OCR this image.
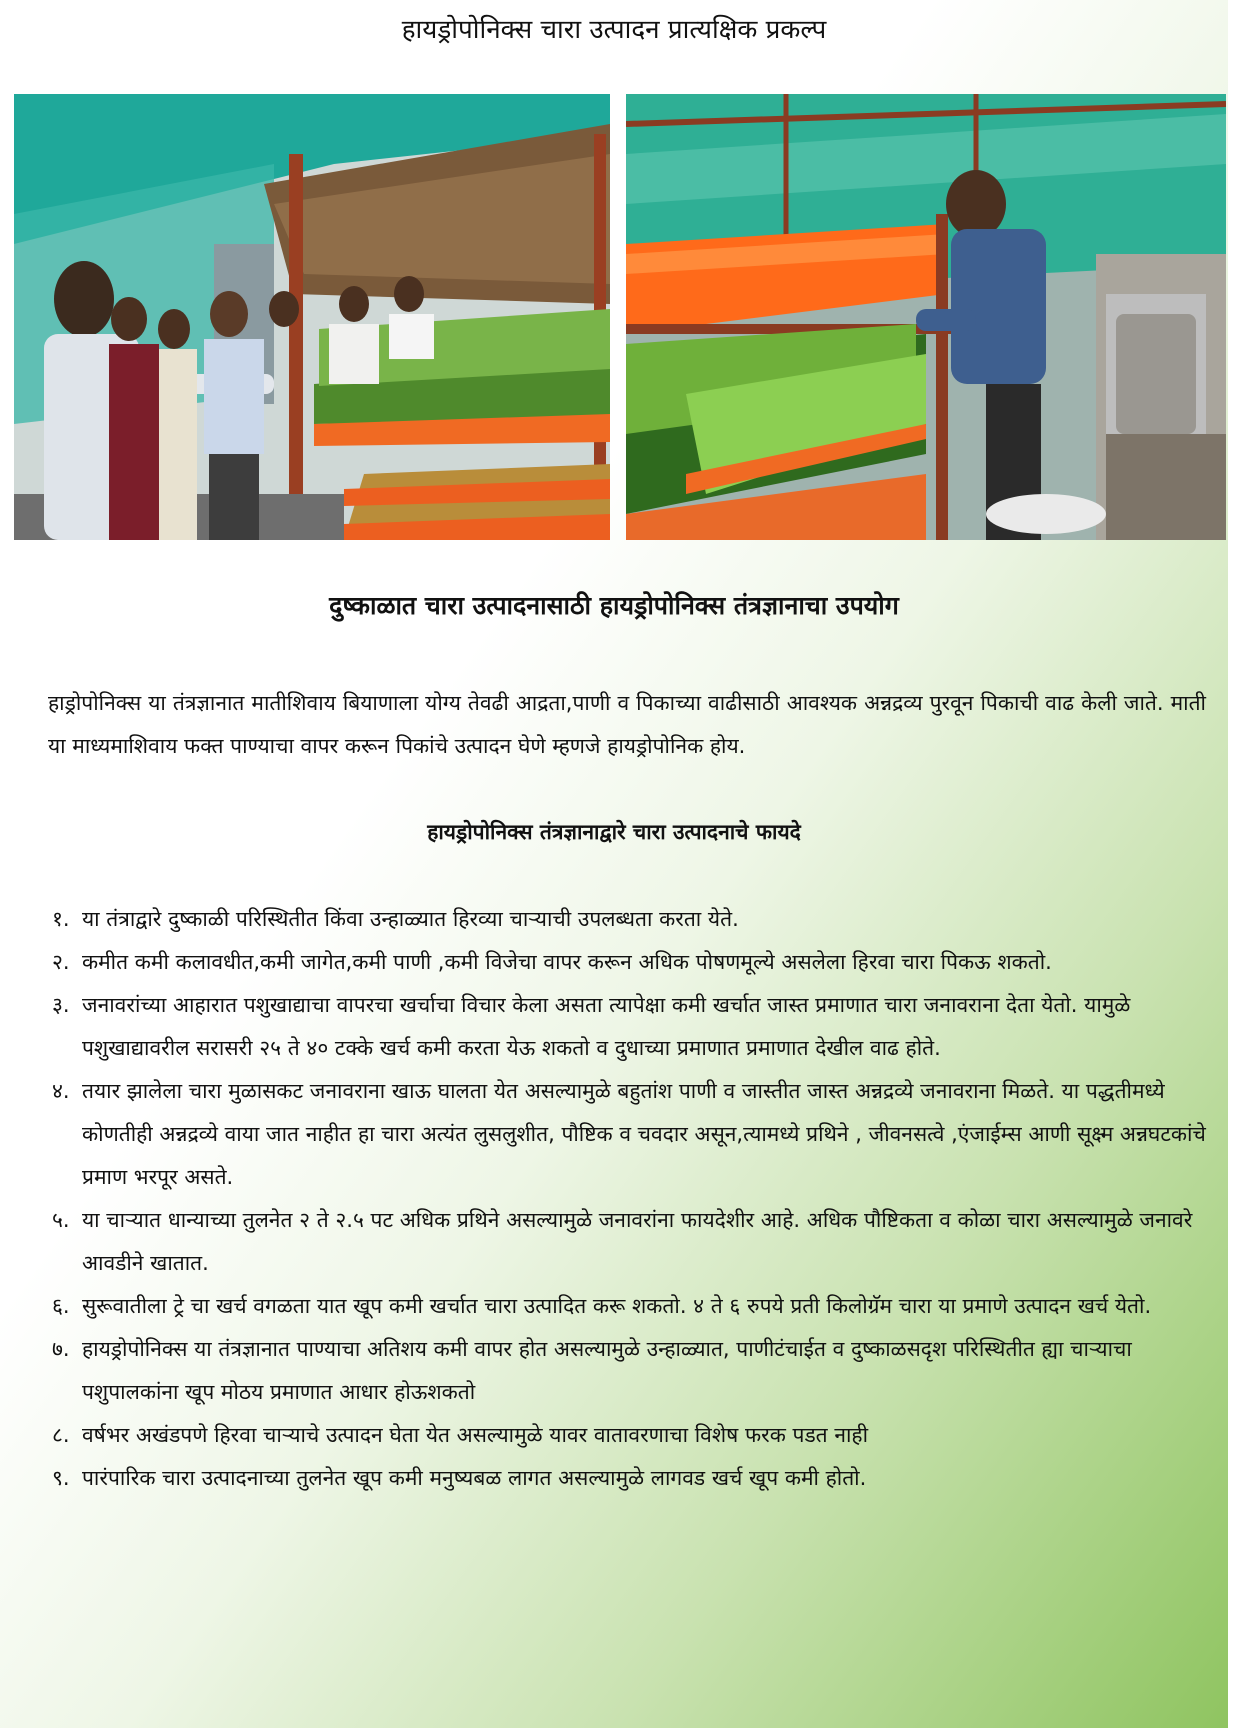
हायड्रोपोनिक्स चारा उत्पादन प्रात्यक्षिक प्रकल्प
दुष्काळात चारा उत्पादनासाठी हायड्रोपोनिक्स तंत्रज्ञानाचा उपयोग

हाड्रोपोनिक्स या तंत्रज्ञानात मातीशिवाय बियाणाला योग्य तेवढी आद्रता,पाणी व पिकाच्या वाढीसाठी आवश्यक अन्नद्रव्य पुरवून पिकाची वाढ केली जाते. माती या माध्यमाशिवाय फक्त पाण्याचा वापर करून पिकांचे उत्पादन घेणे म्हणजे हायड्रोपोनिक होय.

हायड्रोपोनिक्स तंत्रज्ञानाद्वारे चारा उत्पादनाचे फायदे
१. या तंत्राद्वारे दुष्काळी परिस्थितीत किंवा उन्हाळ्यात हिरव्या चाऱ्याची उपलब्धता करता येते.
२. कमीत कमी कलावधीत,कमी जागेत,कमी पाणी ,कमी विजेचा वापर करून अधिक पोषणमूल्ये असलेला हिरवा चारा पिकऊ शकतो.
३. जनावरांच्या आहारात पशुखाद्याचा वापरचा खर्चाचा विचार केला असता त्यापेक्षा कमी खर्चात जास्त प्रमाणात चारा जनावराना देता येतो. यामुळे पशुखाद्यावरील सरासरी २५ ते ४० टक्के खर्च कमी करता येऊ शकतो व दुधाच्या प्रमाणात प्रमाणात देखील वाढ होते.
४. तयार झालेला चारा मुळासकट जनावराना खाऊ घालता येत असल्यामुळे बहुतांश पाणी व जास्तीत जास्त अन्नद्रव्ये जनावराना मिळते. या पद्धतीमध्ये कोणतीही अन्नद्रव्ये वाया जात नाहीत हा चारा अत्यंत लुसलुशीत, पौष्टिक व चवदार असून,त्यामध्ये प्रथिने , जीवनसत्वे ,एंजाईम्स आणी सूक्ष्म अन्नघटकांचे प्रमाण भरपूर असते.
५. या चाऱ्यात धान्याच्या तुलनेत २ ते २.५ पट अधिक प्रथिने असल्यामुळे जनावरांना फायदेशीर आहे. अधिक पौष्टिकता व कोळा चारा असल्यामुळे जनावरे आवडीने खातात.
६. सुरूवातीला ट्रे चा खर्च वगळता यात खूप कमी खर्चात चारा उत्पादित करू शकतो. ४ ते ६ रुपये प्रती किलोग्रॅम चारा या प्रमाणे उत्पादन खर्च येतो.
७. हायड्रोपोनिक्स या तंत्रज्ञानात पाण्याचा अतिशय कमी वापर होत असल्यामुळे उन्हाळ्यात, पाणीटंचाईत व दुष्काळसदृश परिस्थितीत ह्या चाऱ्याचा पशुपालकांना खूप मोठय प्रमाणात आधार होऊशकतो
८. वर्षभर अखंडपणे हिरवा चाऱ्याचे उत्पादन घेता येत असल्यामुळे यावर वातावरणाचा विशेष फरक पडत नाही
९. पारंपारिक चारा उत्पादनाच्या तुलनेत खूप कमी मनुष्यबळ लागत असल्यामुळे लागवड खर्च खूप कमी होतो.
